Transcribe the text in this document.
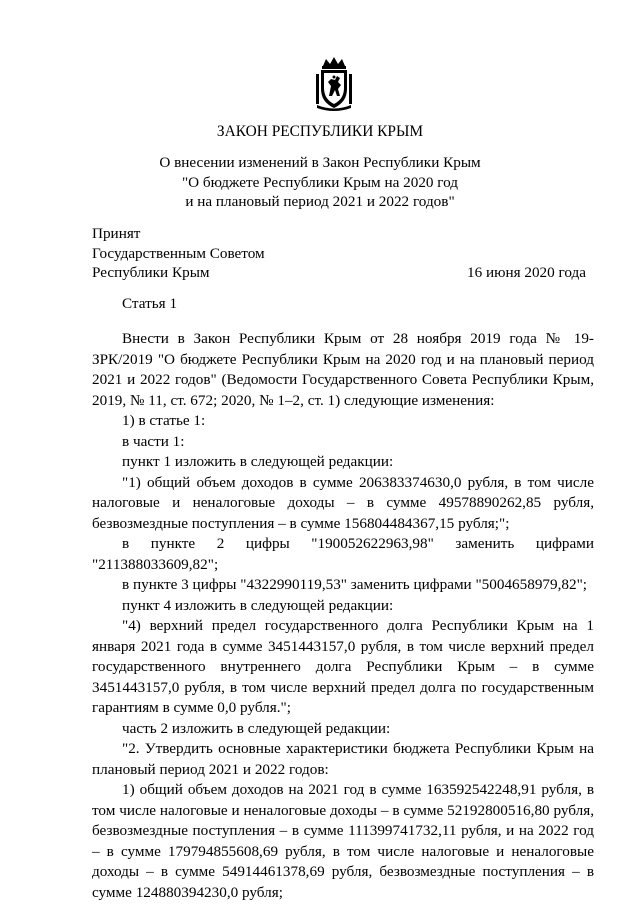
ЗАКОН РЕСПУБЛИКИ КРЫМ
О внесении изменений в Закон Республики Крым
"О бюджете Республики Крым на 2020 год
и на плановый период 2021 и 2022 годов"
Принят
Государственным Советом
Республики Крым	16 июня 2020 года
Статья 1

Внести в Закон Республики Крым от 28 ноября 2019 года № 19-ЗРК/2019 "О бюджете Республики Крым на 2020 год и на плановый период 2021 и 2022 годов" (Ведомости Государственного Совета Республики Крым, 2019, № 11, ст. 672; 2020, № 1–2, ст. 1) следующие изменения:

1) в статье 1:

в части 1:

пункт 1 изложить в следующей редакции:

"1) общий объем доходов в сумме 206383374630,0 рубля, в том числе налоговые и неналоговые доходы – в сумме 49578890262,85 рубля, безвозмездные поступления – в сумме 156804484367,15 рубля;";

в пункте 2 цифры "190052622963,98" заменить цифрами "211388033609,82";

в пункте 3 цифры "4322990119,53" заменить цифрами "5004658979,82";

пункт 4 изложить в следующей редакции:

"4) верхний предел государственного долга Республики Крым на 1 января 2021 года в сумме 3451443157,0 рубля, в том числе верхний предел государственного внутреннего долга Республики Крым – в сумме 3451443157,0 рубля, в том числе верхний предел долга по государственным гарантиям в сумме 0,0 рубля.";

часть 2 изложить в следующей редакции:

"2. Утвердить основные характеристики бюджета Республики Крым на плановый период 2021 и 2022 годов:

1) общий объем доходов на 2021 год в сумме 163592542248,91 рубля, в том числе налоговые и неналоговые доходы – в сумме 52192800516,80 рубля, безвозмездные поступления – в сумме 111399741732,11 рубля, и на 2022 год – в сумме 179794855608,69 рубля, в том числе налоговые и неналоговые доходы – в сумме 54914461378,69 рубля, безвозмездные поступления – в сумме 124880394230,0 рубля;
